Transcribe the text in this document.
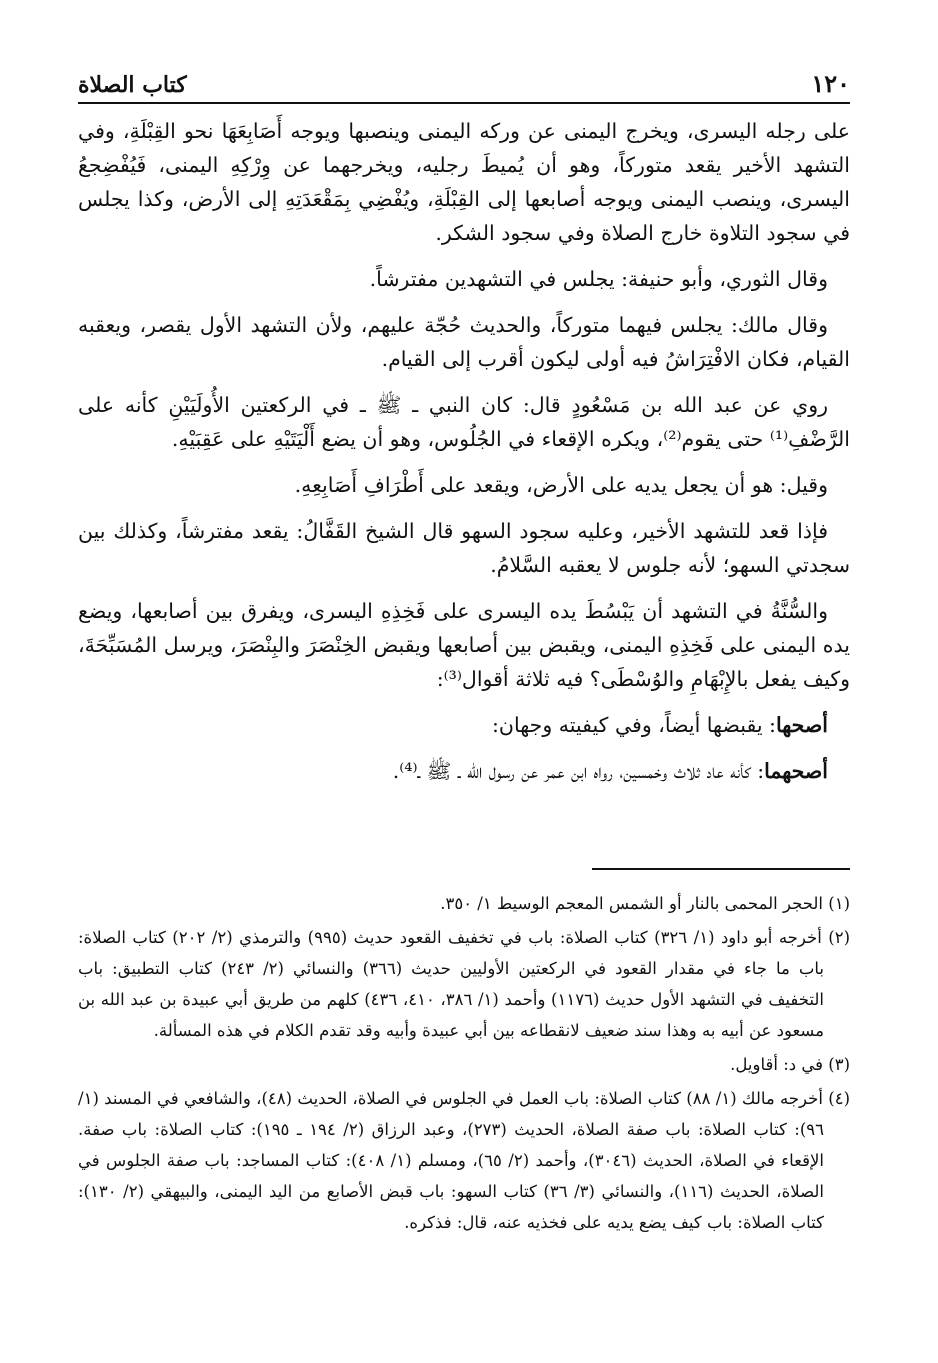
١٢٠
كتاب الصلاة

على رجله اليسرى، ويخرج اليمنى عن وركه اليمنى وينصبها ويوجه أَصَابِعَهَا نحو القِبْلَةِ، وفي التشهد الأخير يقعد متوركاً، وهو أن يُميطَ رجليه، ويخرجهما عن وِرْكِهِ اليمنى، فَيُفْضِجعُ اليسرى، وينصب اليمنى ويوجه أصابعها إلى القِبْلَةِ، ويُفْضِي بِمَقْعَدَتِهِ إلى الأرض، وكذا يجلس في سجود التلاوة خارج الصلاة وفي سجود الشكر.

وقال الثوري، وأبو حنيفة: يجلس في التشهدين مفترشاً.

وقال مالك: يجلس فيهما متوركاً، والحديث حُجّة عليهم، ولأن التشهد الأول يقصر، ويعقبه القيام، فكان الافْتِرَاشُ فيه أولى ليكون أقرب إلى القيام.

روي عن عبد الله بن مَسْعُودٍ قال: كان النبي ـ ﷺ ـ في الركعتين الأُولَيَيْنِ كأنه على الرَّضْفِ⁽¹⁾ حتى يقوم⁽²⁾، ويكره الإقعاء في الجُلُوس، وهو أن يضع أَلْيَتَيْهِ على عَقِبَيْهِ.

وقيل: هو أن يجعل يديه على الأرض، ويقعد على أَطْرَافِ أَصَابِعِهِ.

فإذا قعد للتشهد الأخير، وعليه سجود السهو قال الشيخ القَفَّالُ: يقعد مفترشاً، وكذلك بين سجدتي السهو؛ لأنه جلوس لا يعقبه السَّلامُ.

والسُّنَّةُ في التشهد أن يَبْسُطَ يده اليسرى على فَخِذِهِ اليسرى، ويفرق بين أصابعها، ويضع يده اليمنى على فَخِذِهِ اليمنى، ويقبض بين أصابعها ويقبض الخِنْصَرَ والبِنْصَرَ، ويرسل المُسَبِّحَةَ، وكيف يفعل بالإِبْهَامِ والوُسْطَى؟ فيه ثلاثة أقوال⁽³⁾:

أصحها: يقبضها أيضاً، وفي كيفيته وجهان:

أصحهما: كأنه عاد ثلاث وخمسين، رواه ابن عمر عن رسول الله ـ ﷺ ـ⁽⁴⁾.

(١) الحجر المحمى بالنار أو الشمس المعجم الوسيط ١/ ٣٥٠.

(٢) أخرجه أبو داود (١/ ٣٢٦) كتاب الصلاة: باب في تخفيف القعود حديث (٩٩٥) والترمذي (٢/ ٢٠٢) كتاب الصلاة: باب ما جاء في مقدار القعود في الركعتين الأوليين حديث (٣٦٦) والنسائي (٢/ ٢٤٣) كتاب التطبيق: باب التخفيف في التشهد الأول حديث (١١٧٦) وأحمد (١/ ٣٨٦، ٤١٠، ٤٣٦) كلهم من طريق أبي عبيدة بن عبد الله بن مسعود عن أبيه به وهذا سند ضعيف لانقطاعه بين أبي عبيدة وأبيه وقد تقدم الكلام في هذه المسألة.

(٣) في د: أقاويل.

(٤) أخرجه مالك (١/ ٨٨) كتاب الصلاة: باب العمل في الجلوس في الصلاة، الحديث (٤٨)، والشافعي في المسند (١/ ٩٦): كتاب الصلاة: باب صفة الصلاة، الحديث (٢٧٣)، وعبد الرزاق (٢/ ١٩٤ ـ ١٩٥): كتاب الصلاة: باب صفة. الإقعاء في الصلاة، الحديث (٣٠٤٦)، وأحمد (٢/ ٦٥)، ومسلم (١/ ٤٠٨): كتاب المساجد: باب صفة الجلوس في الصلاة، الحديث (١١٦)، والنسائي (٣/ ٣٦) كتاب السهو: باب قبض الأصابع من اليد اليمنى، والبيهقي (٢/ ١٣٠): كتاب الصلاة: باب كيف يضع يديه على فخذيه عنه، قال: فذكره.
